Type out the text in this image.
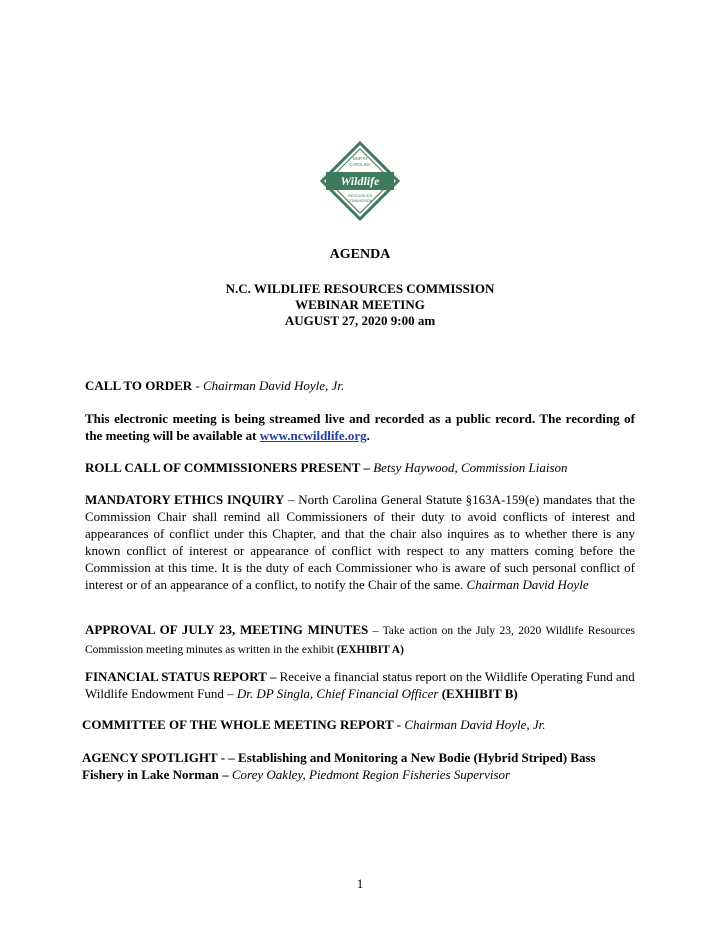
NORTH
CAROLINA
Wildlife
RESOURCES
COMMISSION
AGENDA
N.C. WILDLIFE RESOURCES COMMISSION
WEBINAR MEETING
AUGUST 27, 2020 9:00 am
CALL TO ORDER - Chairman David Hoyle, Jr.
This electronic meeting is being streamed live and recorded as a public record. The recording of the meeting will be available at www.ncwildlife.org.
ROLL CALL OF COMMISSIONERS PRESENT – Betsy Haywood, Commission Liaison
MANDATORY ETHICS INQUIRY – North Carolina General Statute §163A-159(e) mandates that the Commission Chair shall remind all Commissioners of their duty to avoid conflicts of interest and appearances of conflict under this Chapter, and that the chair also inquires as to whether there is any known conflict of interest or appearance of conflict with respect to any matters coming before the Commission at this time. It is the duty of each Commissioner who is aware of such personal conflict of interest or of an appearance of a conflict, to notify the Chair of the same. Chairman David Hoyle
APPROVAL OF JULY 23, MEETING MINUTES – Take action on the July 23, 2020 Wildlife Resources Commission meeting minutes as written in the exhibit (EXHIBIT A)
FINANCIAL STATUS REPORT – Receive a financial status report on the Wildlife Operating Fund and Wildlife Endowment Fund – Dr. DP Singla, Chief Financial Officer (EXHIBIT B)
COMMITTEE OF THE WHOLE MEETING REPORT - Chairman David Hoyle, Jr.
AGENCY SPOTLIGHT - – Establishing and Monitoring a New Bodie (Hybrid Striped) Bass Fishery in Lake Norman – Corey Oakley, Piedmont Region Fisheries Supervisor
1
